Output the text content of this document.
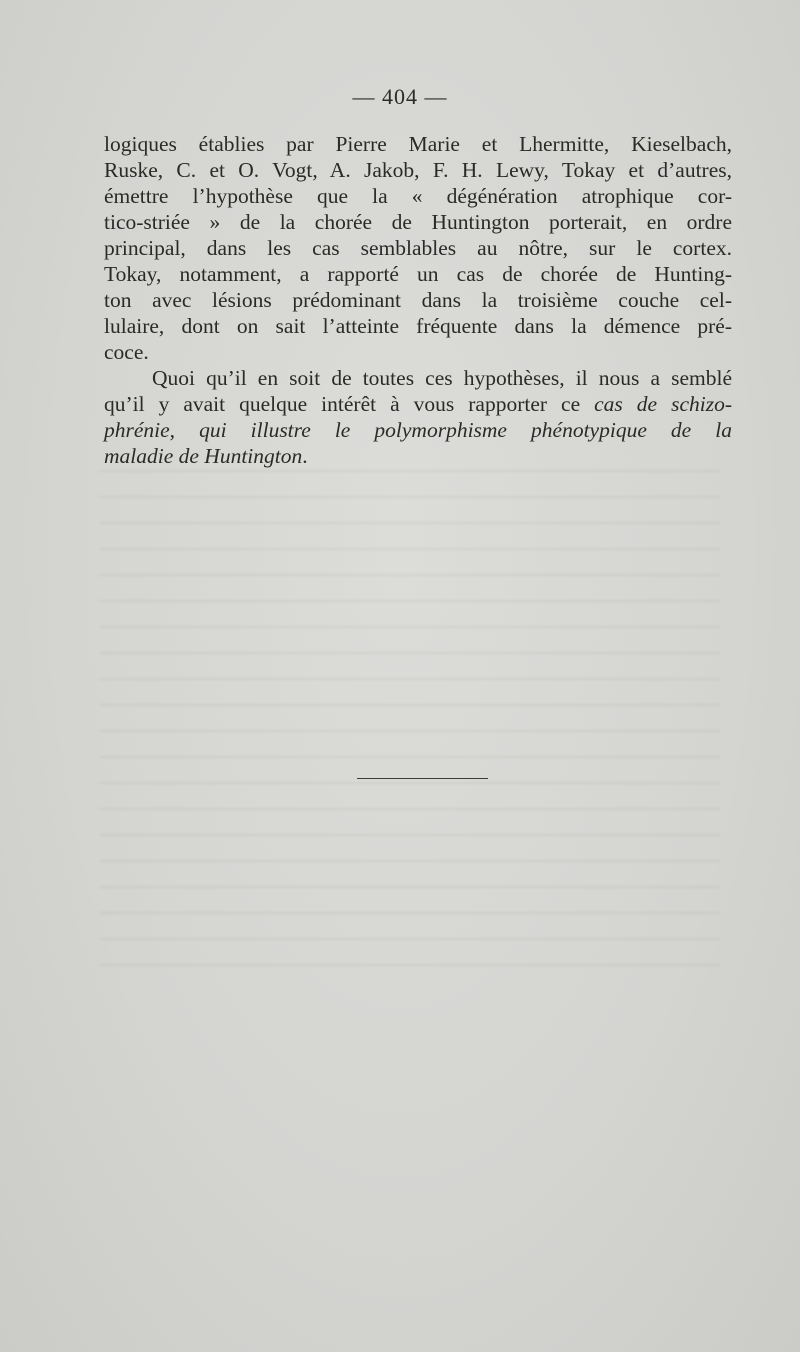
— 404 —
logiques établies par Pierre Marie et Lhermitte, Kieselbach,
Ruske, C. et O. Vogt, A. Jakob, F. H. Lewy, Tokay et d’autres,
émettre l’hypothèse que la « dégénération atrophique cor-
tico-striée » de la chorée de Huntington porterait, en ordre
principal, dans les cas semblables au nôtre, sur le cortex.
Tokay, notamment, a rapporté un cas de chorée de Hunting-
ton avec lésions prédominant dans la troisième couche cel-
lulaire, dont on sait l’atteinte fréquente dans la démence pré-
coce.
Quoi qu’il en soit de toutes ces hypothèses, il nous a semblé
qu’il y avait quelque intérêt à vous rapporter ce cas de schizo-
phrénie, qui illustre le polymorphisme phénotypique de la
maladie de Huntington.
